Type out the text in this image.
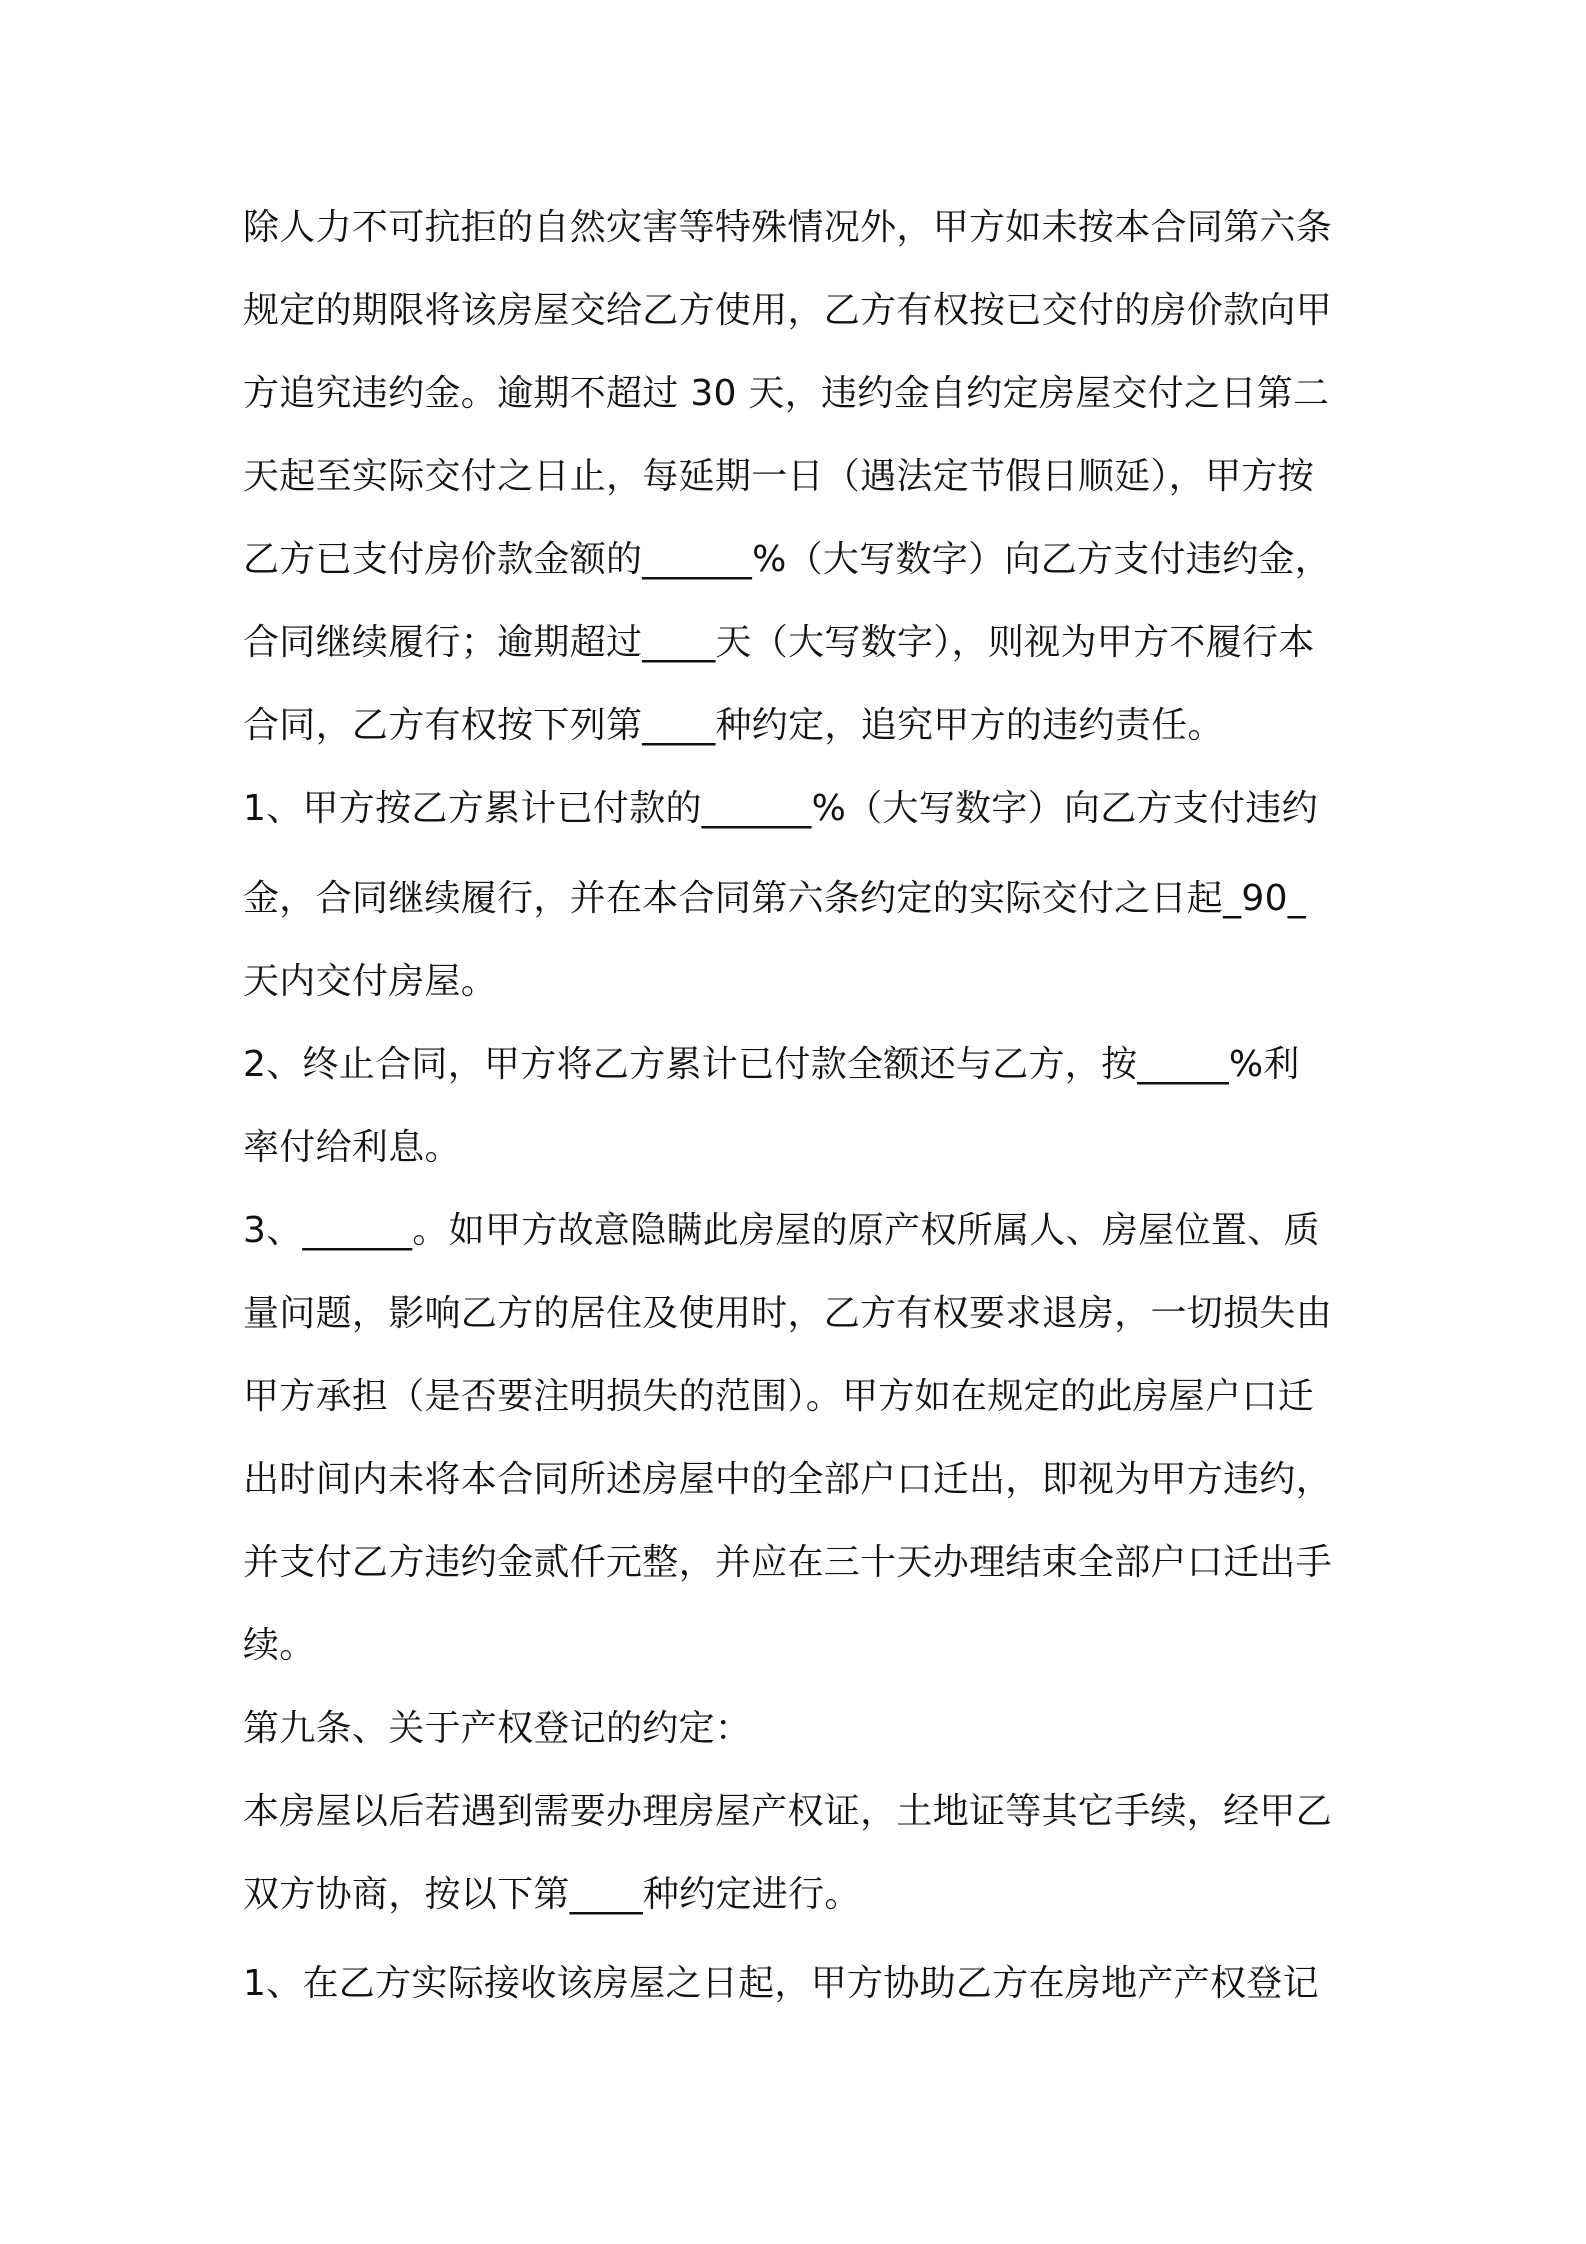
除人力不可抗拒的自然灾害等特殊情况外，甲方如未按本合同第六条
规定的期限将该房屋交给乙方使用，乙方有权按已交付的房价款向甲
方追究违约金。逾期不超过 30 天，违约金自约定房屋交付之日第二
天起至实际交付之日止，每延期一日（遇法定节假日顺延），甲方按
乙方已支付房价款金额的______%（大写数字）向乙方支付违约金，
合同继续履行；逾期超过____天（大写数字），则视为甲方不履行本
合同，乙方有权按下列第____种约定，追究甲方的违约责任。
1、甲方按乙方累计已付款的______%（大写数字）向乙方支付违约
金，合同继续履行，并在本合同第六条约定的实际交付之日起_90_
天内交付房屋。
2、终止合同，甲方将乙方累计已付款全额还与乙方，按_____%利
率付给利息。
3、______。如甲方故意隐瞒此房屋的原产权所属人、房屋位置、质
量问题，影响乙方的居住及使用时，乙方有权要求退房，一切损失由
甲方承担（是否要注明损失的范围）。甲方如在规定的此房屋户口迁
出时间内未将本合同所述房屋中的全部户口迁出，即视为甲方违约，
并支付乙方违约金贰仟元整，并应在三十天办理结束全部户口迁出手
续。
第九条、关于产权登记的约定：
本房屋以后若遇到需要办理房屋产权证，土地证等其它手续，经甲乙
双方协商，按以下第____种约定进行。
1、在乙方实际接收该房屋之日起，甲方协助乙方在房地产产权登记
